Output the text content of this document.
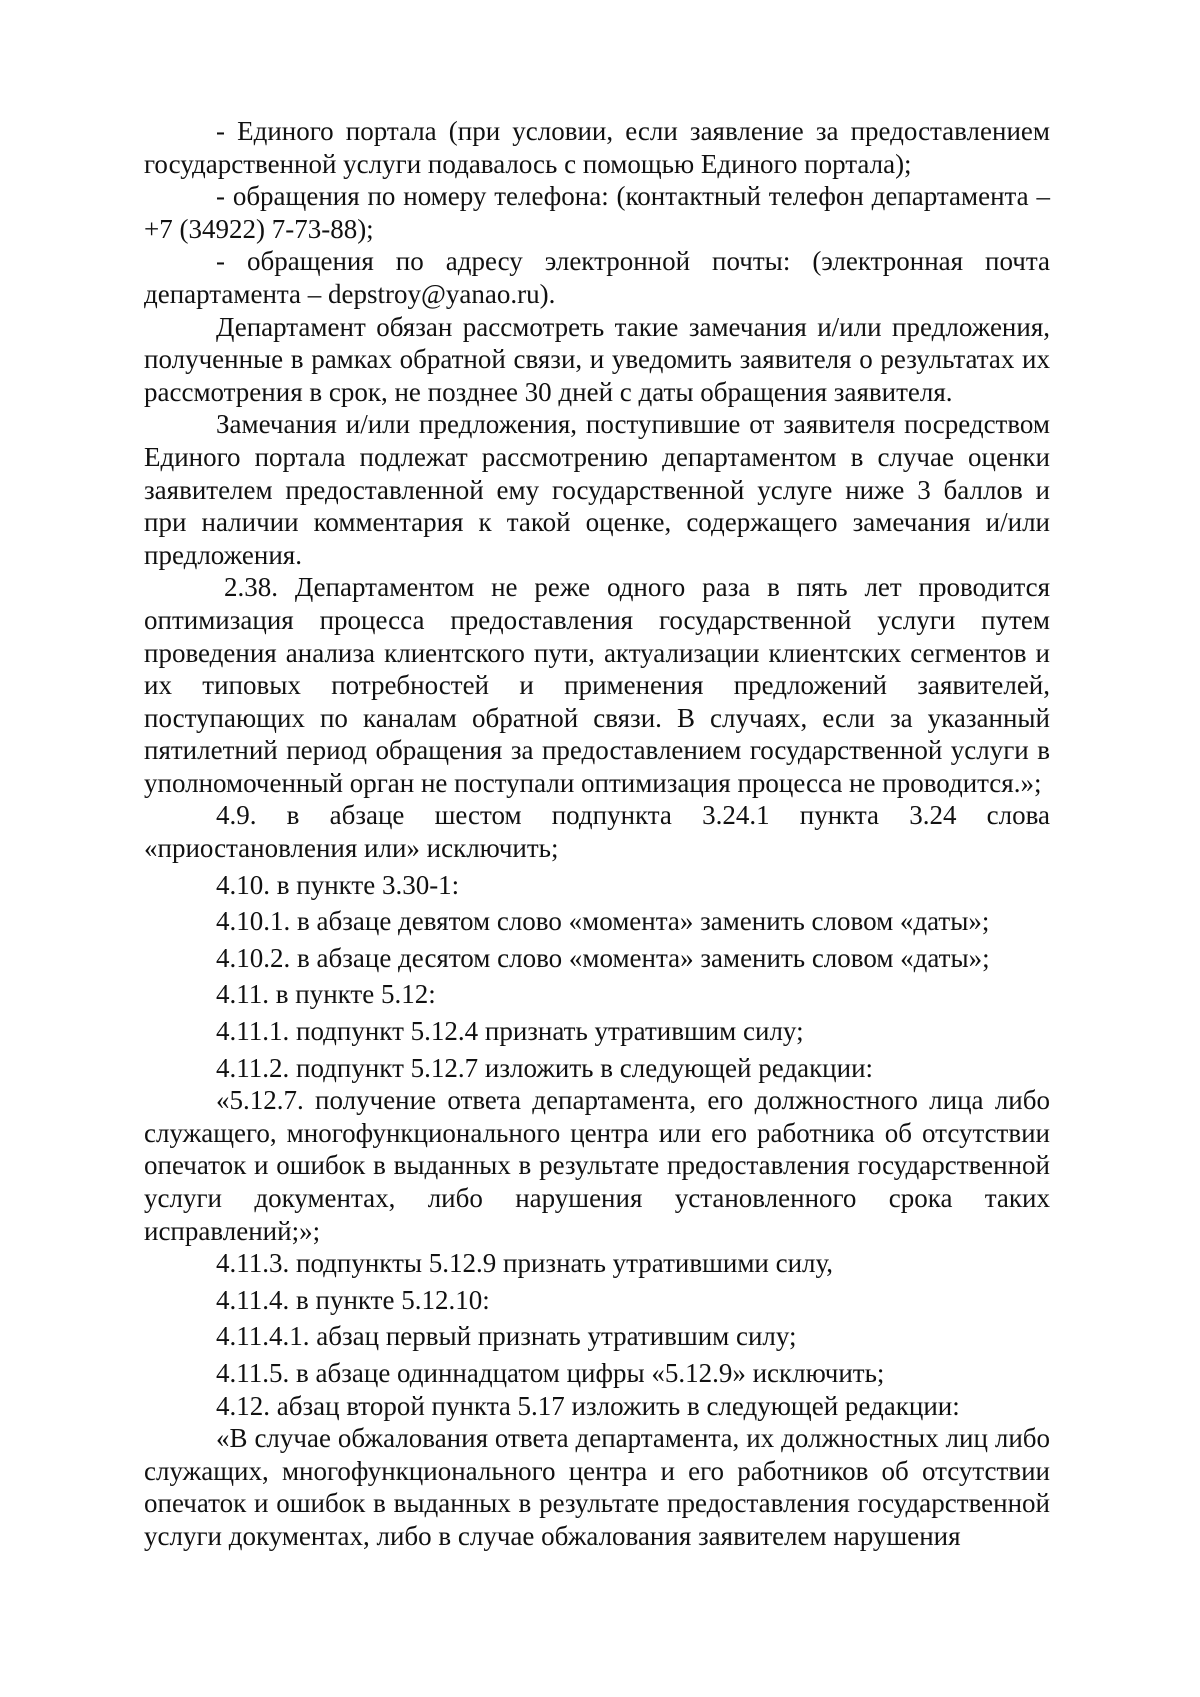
- Единого портала (при условии, если заявление за предоставлением государственной услуги подавалось с помощью Единого портала);

- обращения по номеру телефона: (контактный телефон департамента – +7 (34922) 7-73-88);

- обращения по адресу электронной почты: (электронная почта департамента – depstroy@yanao.ru).

Департамент обязан рассмотреть такие замечания и/или предложения, полученные в рамках обратной связи, и уведомить заявителя о результатах их рассмотрения в срок, не позднее 30 дней с даты обращения заявителя.

Замечания и/или предложения, поступившие от заявителя посредством Единого портала подлежат рассмотрению департаментом в случае оценки заявителем предоставленной ему государственной услуге ниже 3 баллов и при наличии комментария к такой оценке, содержащего замечания и/или предложения.

2.38. Департаментом не реже одного раза в пять лет проводится оптимизация процесса предоставления государственной услуги путем проведения анализа клиентского пути, актуализации клиентских сегментов и их типовых потребностей и применения предложений заявителей, поступающих по каналам обратной связи. В случаях, если за указанный пятилетний период обращения за предоставлением государственной услуги в уполномоченный орган не поступали оптимизация процесса не проводится.»;

4.9. в абзаце шестом подпункта 3.24.1 пункта 3.24 слова «приостановления или» исключить;

4.10. в пункте 3.30-1:

4.10.1. в абзаце девятом слово «момента» заменить словом «даты»;

4.10.2. в абзаце десятом слово «момента» заменить словом «даты»;

4.11. в пункте 5.12:

4.11.1. подпункт 5.12.4 признать утратившим силу;

4.11.2. подпункт 5.12.7 изложить в следующей редакции:

«5.12.7. получение ответа департамента, его должностного лица либо служащего, многофункционального центра или его работника об отсутствии опечаток и ошибок в выданных в результате предоставления государственной услуги документах, либо нарушения установленного срока таких исправлений;»;

4.11.3. подпункты 5.12.9 признать утратившими силу,

4.11.4. в пункте 5.12.10:

4.11.4.1. абзац первый признать утратившим силу;

4.11.5. в абзаце одиннадцатом цифры «5.12.9» исключить;

4.12. абзац второй пункта 5.17 изложить в следующей редакции:

«В случае обжалования ответа департамента, их должностных лиц либо служащих, многофункционального центра и его работников об отсутствии опечаток и ошибок в выданных в результате предоставления государственной услуги документах, либо в случае обжалования заявителем нарушения
